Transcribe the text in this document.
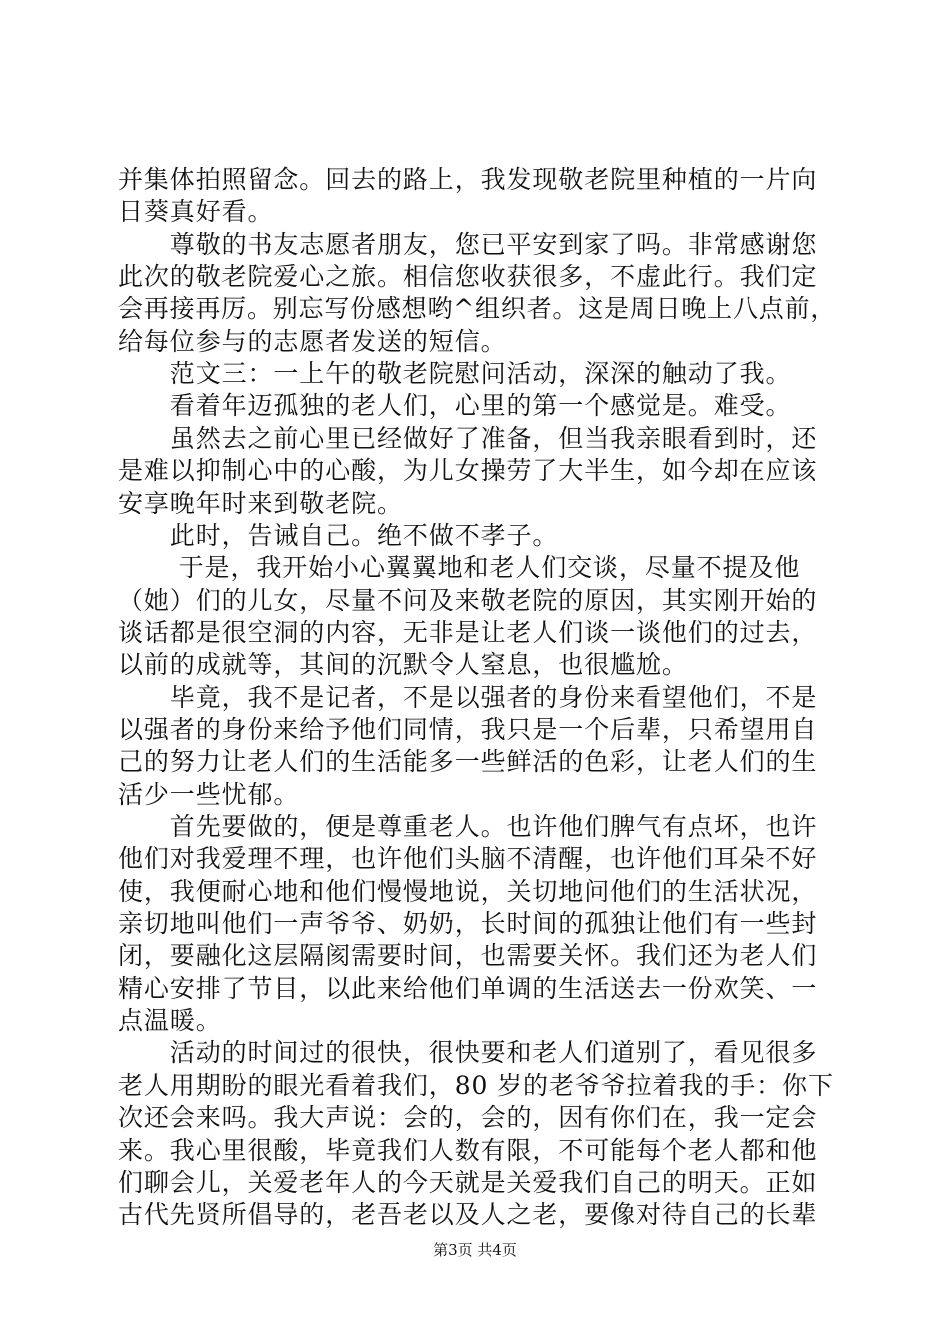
并集体拍照留念。回去的路上，我发现敬老院里种植的一片向
日葵真好看。
　　尊敬的书友志愿者朋友，您已平安到家了吗。非常感谢您
此次的敬老院爱心之旅。相信您收获很多，不虚此行。我们定
会再接再厉。别忘写份感想哟^组织者。这是周日晚上八点前，
给每位参与的志愿者发送的短信。
　　范文三：一上午的敬老院慰问活动，深深的触动了我。
　　看着年迈孤独的老人们，心里的第一个感觉是。难受。
　　虽然去之前心里已经做好了准备，但当我亲眼看到时，还
是难以抑制心中的心酸，为儿女操劳了大半生，如今却在应该
安享晚年时来到敬老院。
　　此时，告诫自己。绝不做不孝子。
　　 于是，我开始小心翼翼地和老人们交谈，尽量不提及他
（她）们的儿女，尽量不问及来敬老院的原因，其实刚开始的
谈话都是很空洞的内容，无非是让老人们谈一谈他们的过去，
以前的成就等，其间的沉默令人窒息，也很尴尬。
　　毕竟，我不是记者，不是以强者的身份来看望他们，不是
以强者的身份来给予他们同情，我只是一个后辈，只希望用自
己的努力让老人们的生活能多一些鲜活的色彩，让老人们的生
活少一些忧郁。
　　首先要做的，便是尊重老人。也许他们脾气有点坏，也许
他们对我爱理不理，也许他们头脑不清醒，也许他们耳朵不好
使，我便耐心地和他们慢慢地说，关切地问他们的生活状况，
亲切地叫他们一声爷爷、奶奶，长时间的孤独让他们有一些封
闭，要融化这层隔阂需要时间，也需要关怀。我们还为老人们
精心安排了节目，以此来给他们单调的生活送去一份欢笑、一
点温暖。
　　活动的时间过的很快，很快要和老人们道别了，看见很多
老人用期盼的眼光看着我们，80 岁的老爷爷拉着我的手：你下
次还会来吗。我大声说：会的，会的，因有你们在，我一定会
来。我心里很酸，毕竟我们人数有限，不可能每个老人都和他
们聊会儿，关爱老年人的今天就是关爱我们自己的明天。正如
古代先贤所倡导的，老吾老以及人之老，要像对待自己的长辈
第3页 共4页
